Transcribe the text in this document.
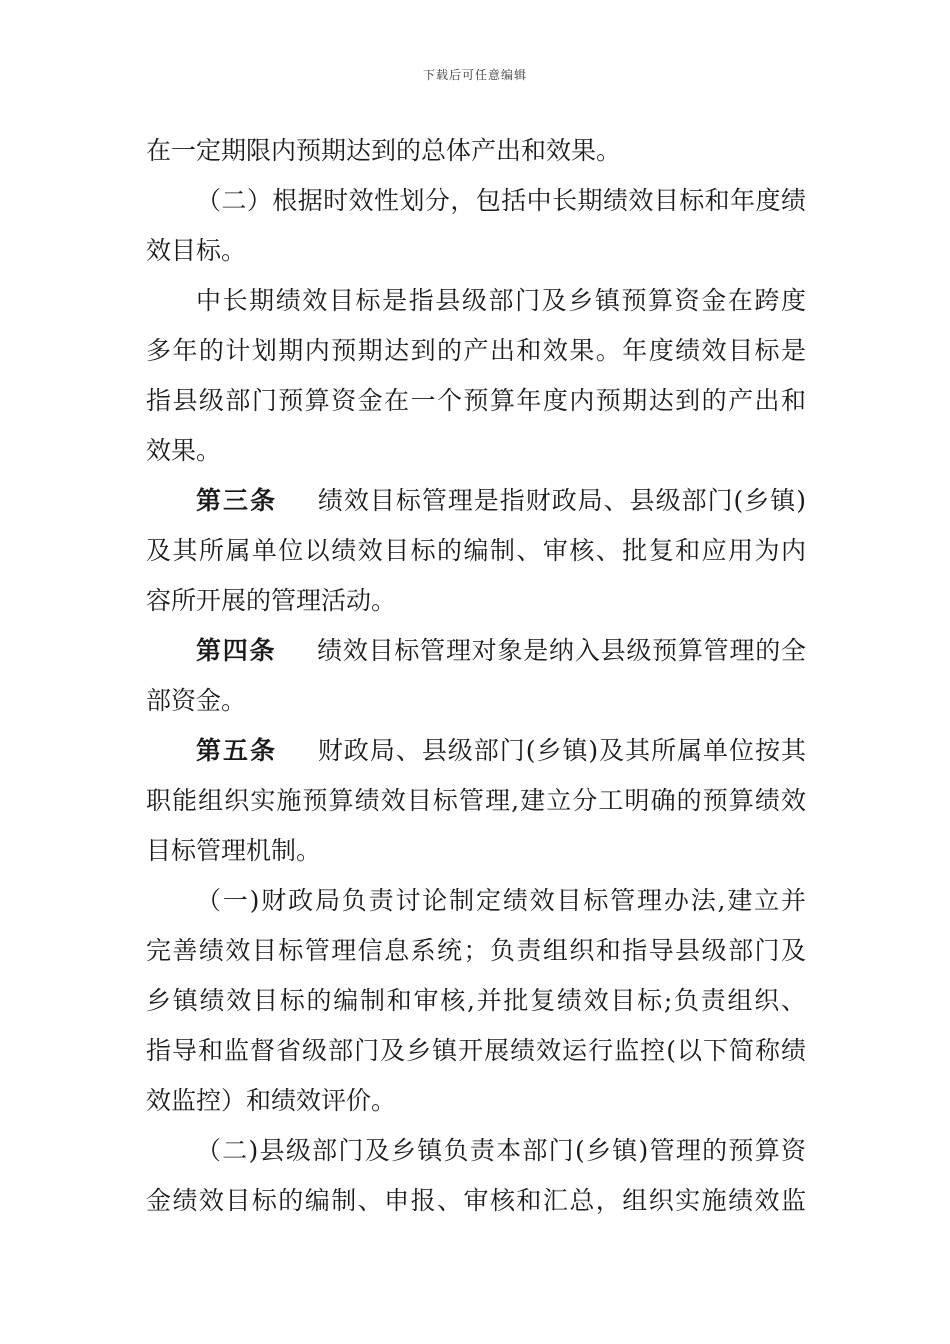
下载后可任意编辑
在一定期限内预期达到的总体产出和效果。
（二）根据时效性划分，包括中长期绩效目标和年度绩
效目标。
中长期绩效目标是指县级部门及乡镇预算资金在跨度
多年的计划期内预期达到的产出和效果。年度绩效目标是
指县级部门预算资金在一个预算年度内预期达到的产出和
效果。
第三条 绩效目标管理是指财政局、县级部门(乡镇)
及其所属单位以绩效目标的编制、审核、批复和应用为内
容所开展的管理活动。
第四条 绩效目标管理对象是纳入县级预算管理的全
部资金。
第五条 财政局、县级部门(乡镇)及其所属单位按其
职能组织实施预算绩效目标管理,建立分工明确的预算绩效
目标管理机制。
（一)财政局负责讨论制定绩效目标管理办法,建立并
完善绩效目标管理信息系统；负责组织和指导县级部门及
乡镇绩效目标的编制和审核,并批复绩效目标;负责组织、
指导和监督省级部门及乡镇开展绩效运行监控(以下简称绩
效监控）和绩效评价。
（二)县级部门及乡镇负责本部门(乡镇)管理的预算资
金绩效目标的编制、申报、审核和汇总，组织实施绩效监
